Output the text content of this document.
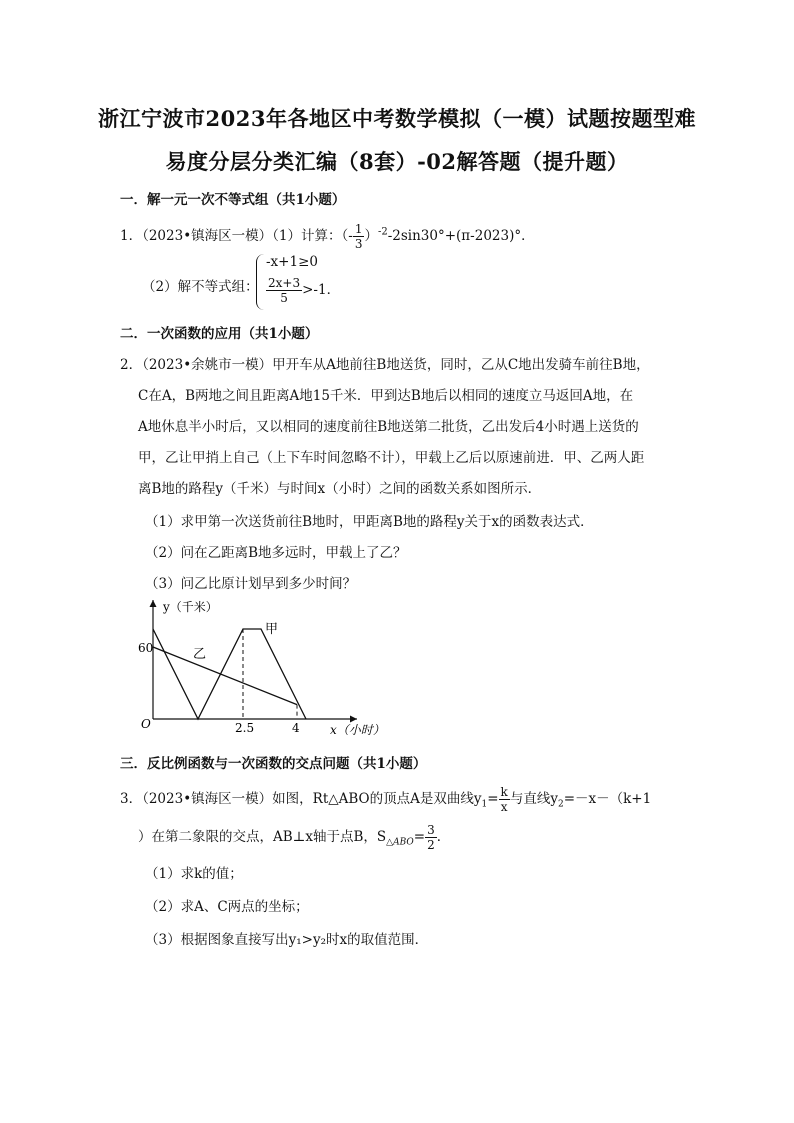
浙江宁波市2023年各地区中考数学模拟（一模）试题按题型难
易度分层分类汇编（8套）-02解答题（提升题）
一．解一元一次不等式组（共1小题）
1．（2023•镇海区一模）（1）计算：（- $\frac{1}{3} )^{-2}-2\sin 30^\circ+(\pi-2023)^\circ$．
（2）解不等式组：
-x+1≥0
$\frac{2x+3}{5} >-1$．
二．一次函数的应用（共1小题）
2．（2023•余姚市一模）甲开车从A地前往B地送货，同时，乙从C地出发骑车前往B地，
C在A，B两地之间且距离A地15千米．甲到达B地后以相同的速度立马返回A地，在
A地休息半小时后，又以相同的速度前往B地送第二批货，乙出发后4小时遇上送货的
甲，乙让甲捎上自己（上下车时间忽略不计），甲载上乙后以原速前进．甲、乙两人距
离B地的路程y（千米）与时间x（小时）之间的函数关系如图所示．
（1）求甲第一次送货前往B地时，甲距离B地的路程y关于x的函数表达式．
（2）问在乙距离B地多远时，甲载上了乙？
（3）问乙比原计划早到多少时间？
y（千米）
x（小时）
O
60
2.5	4
甲
乙
三．反比例函数与一次函数的交点问题（共1小题）
3．（2023•镇海区一模）如图，Rt△ABO的顶点A是双曲线$y_1= \frac{k}{x}$ 与直线$y_2=-x-(k+1$
）在第二象限的交点，AB⊥x轴于点B，$S_{\triangle ABO}= \frac{3}{2}$ ．
（1）求k的值；
（2）求A、C两点的坐标；
（3）根据图象直接写出y₁>y₂时x的取值范围．
